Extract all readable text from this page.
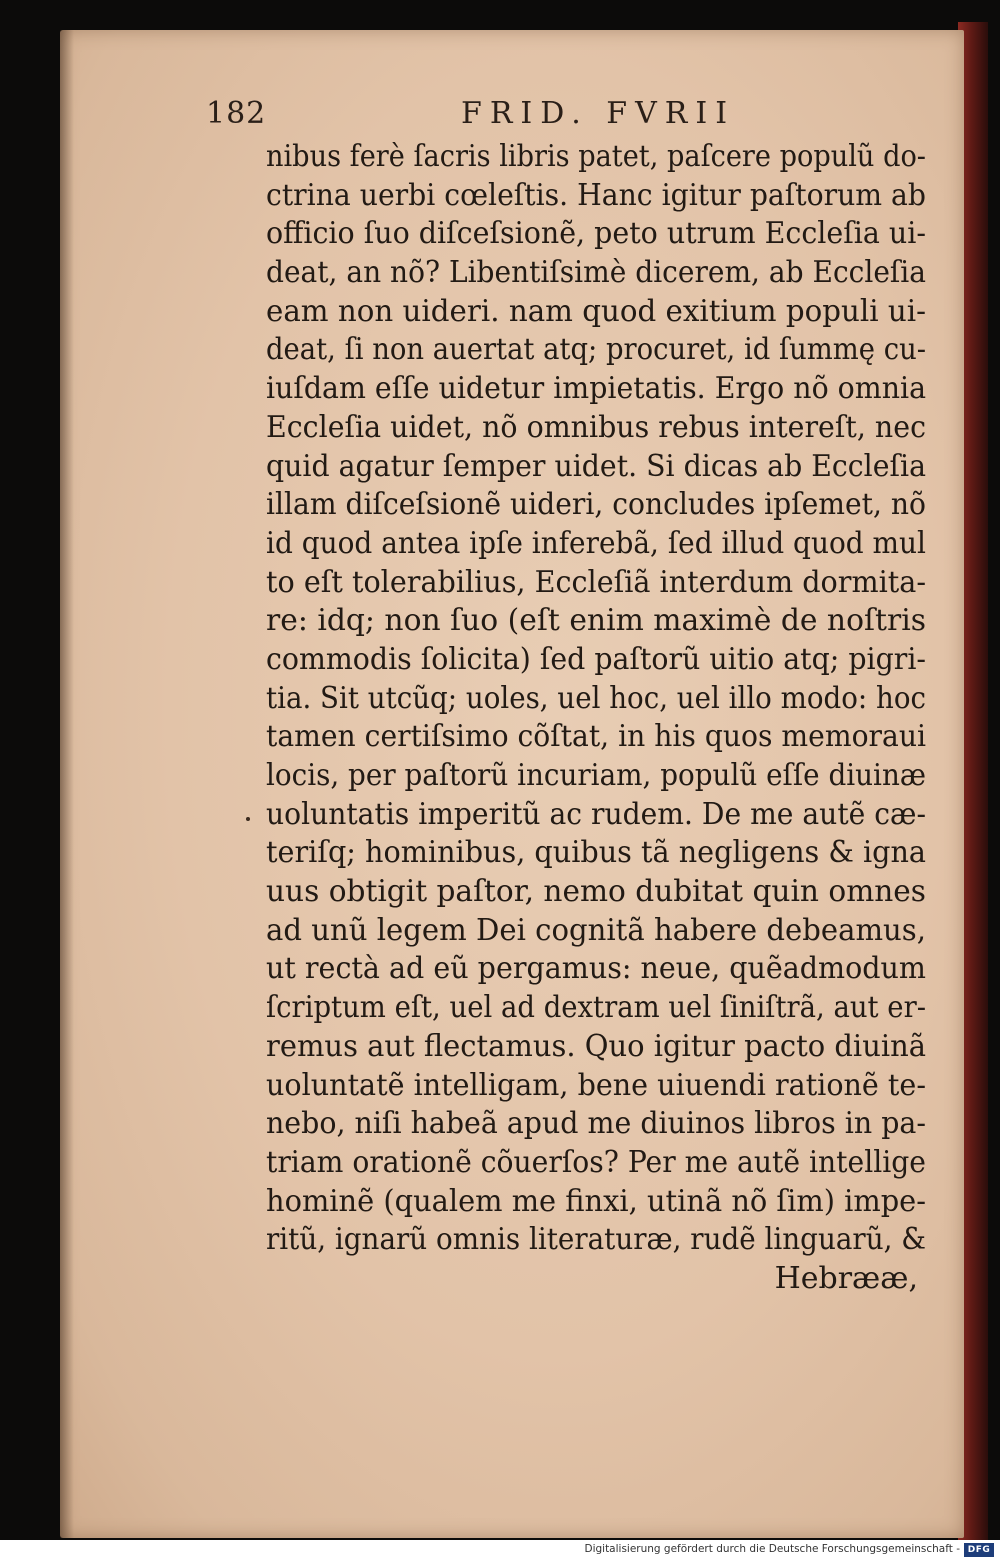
182	FRID. FVRII
nibus ferè ſacris libris patet, paſcere populũ do-
ctrina uerbi cœleſtis. Hanc igitur paſtorum ab
officio ſuo diſceſsionẽ, peto utrum Eccleſia ui-
deat, an nõ? Libentiſsimè dicerem, ab Eccleſia
eam non uideri. nam quod exitium populi ui-
deat, ſi non auertat atq; procuret, id ſummę cu-
iuſdam eſſe uidetur impietatis. Ergo nõ omnia
Eccleſia uidet, nõ omnibus rebus intereſt, nec
quid agatur ſemper uidet. Si dicas ab Eccleſia
illam diſceſsionẽ uideri, concludes ipſemet, nõ
id quod antea ipſe inferebã, ſed illud quod mul
to eſt tolerabilius, Eccleſiã interdum dormita-
re: idq; non ſuo (eſt enim maximè de noſtris
commodis ſolicita) ſed paſtorũ uitio atq; pigri-
tia. Sit utcũq; uoles, uel hoc, uel illo modo: hoc
tamen certiſsimo cõſtat, in his quos memoraui
locis, per paſtorũ incuriam, populũ eſſe diuinæ
uoluntatis imperitũ ac rudem. De me autẽ cæ-
teriſq; hominibus, quibus tã negligens & igna
uus obtigit paſtor, nemo dubitat quin omnes
ad unũ legem Dei cognitã habere debeamus,
ut rectà ad eũ pergamus: neue, quẽadmodum
ſcriptum eſt, uel ad dextram uel ſiniſtrã, aut er-
remus aut flectamus. Quo igitur pacto diuinã
uoluntatẽ intelligam, bene uiuendi rationẽ te-
nebo, niſi habeã apud me diuinos libros in pa-
triam orationẽ cõuerſos? Per me autẽ intellige
hominẽ (qualem me finxi, utinã nõ ſim) impe-
ritũ, ignarũ omnis literaturæ, rudẽ linguarũ, &
Hebrææ,
Digitalisierung gefördert durch die Deutsche Forschungsgemeinschaft - DFG
